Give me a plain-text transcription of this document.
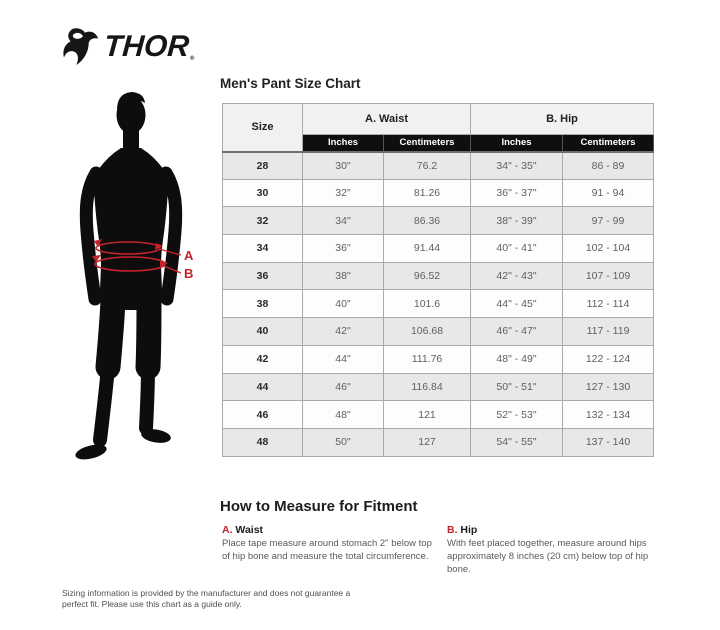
THOR ®
A
B
Men's Pant Size Chart
Size	A. Waist		B. Hip	
	Inches	Centimeters	Inches	Centimeters
28	30"	76.2	34" - 35"	86 - 89
30	32"	81.26	36" - 37"	91 - 94
32	34"	86.36	38" - 39"	97 - 99
34	36"	91.44	40" - 41"	102 - 104
36	38"	96.52	42" - 43"	107 - 109
38	40"	101.6	44" - 45"	112 - 114
40	42"	106.68	46" - 47"	117 - 119
42	44"	111.76	48" - 49"	122 - 124
44	46"	116.84	50" - 51"	127 - 130
46	48"	121	52" - 53"	132 - 134
48	50"	127	54" - 55"	137 - 140
How to Measure for Fitment
A. Waist
Place tape measure around stomach 2" below top of hip bone and measure the total circumference.
B. Hip
With feet placed together, measure around hips approximately 8 inches (20 cm) below top of hip bone.
Sizing information is provided by the manufacturer and does not guarantee a perfect fit. Please use this chart as a guide only.
